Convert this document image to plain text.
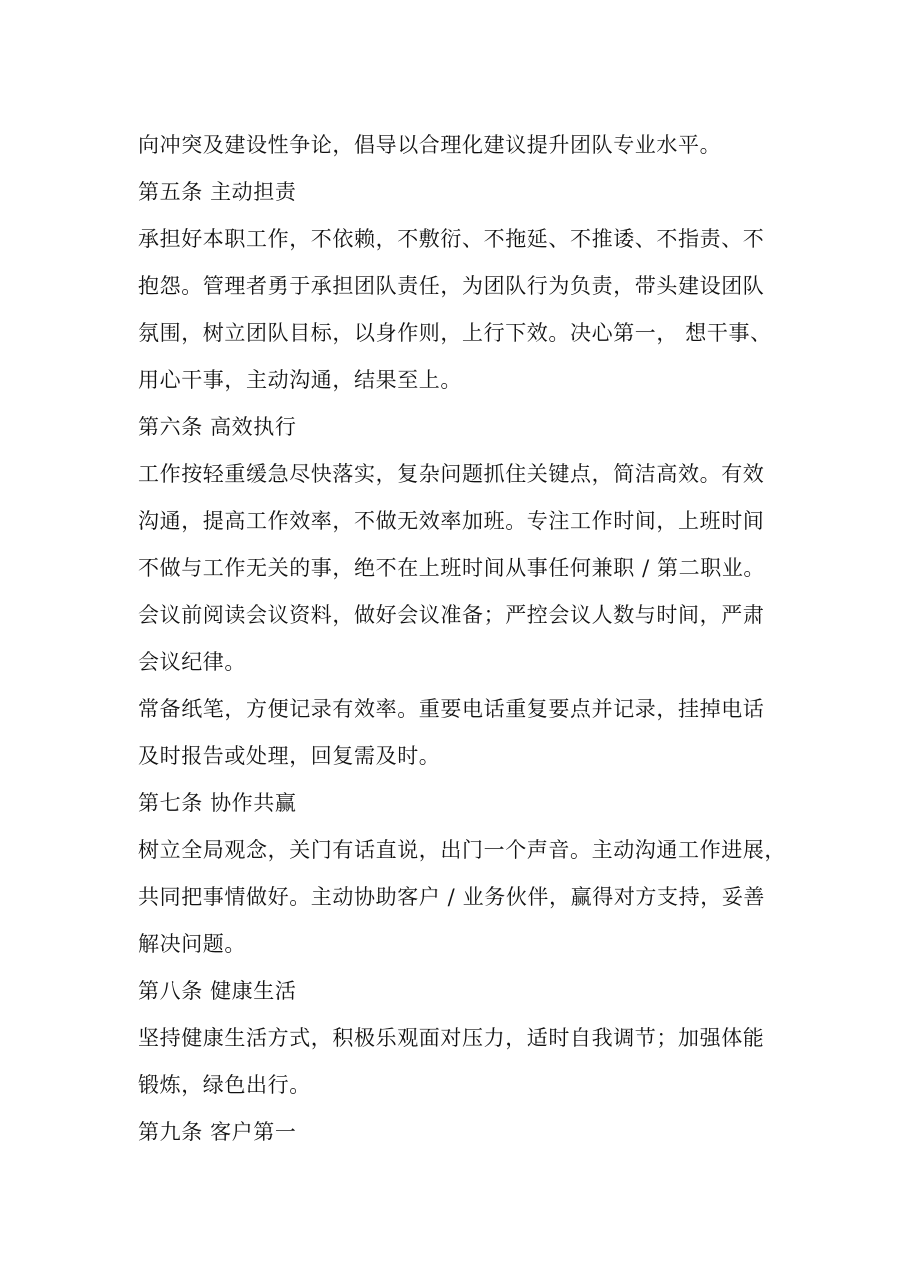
向冲突及建设性争论，倡导以合理化建议提升团队专业水平。
第五条 主动担责
承担好本职工作，不依赖，不敷衍、不拖延、不推诿、不指责、不
抱怨。管理者勇于承担团队责任，为团队行为负责，带头建设团队
氛围，树立团队目标，以身作则，上行下效。决心第一， 想干事、
用心干事，主动沟通，结果至上。
第六条 高效执行
工作按轻重缓急尽快落实，复杂问题抓住关键点，简洁高效。有效
沟通，提高工作效率，不做无效率加班。专注工作时间，上班时间
不做与工作无关的事，绝不在上班时间从事任何兼职 / 第二职业。
会议前阅读会议资料，做好会议准备；严控会议人数与时间，严肃
会议纪律。
常备纸笔，方便记录有效率。重要电话重复要点并记录，挂掉电话
及时报告或处理，回复需及时。
第七条 协作共赢
树立全局观念，关门有话直说，出门一个声音。主动沟通工作进展，
共同把事情做好。主动协助客户 / 业务伙伴，赢得对方支持，妥善
解决问题。
第八条 健康生活
坚持健康生活方式，积极乐观面对压力，适时自我调节；加强体能
锻炼，绿色出行。
第九条 客户第一
